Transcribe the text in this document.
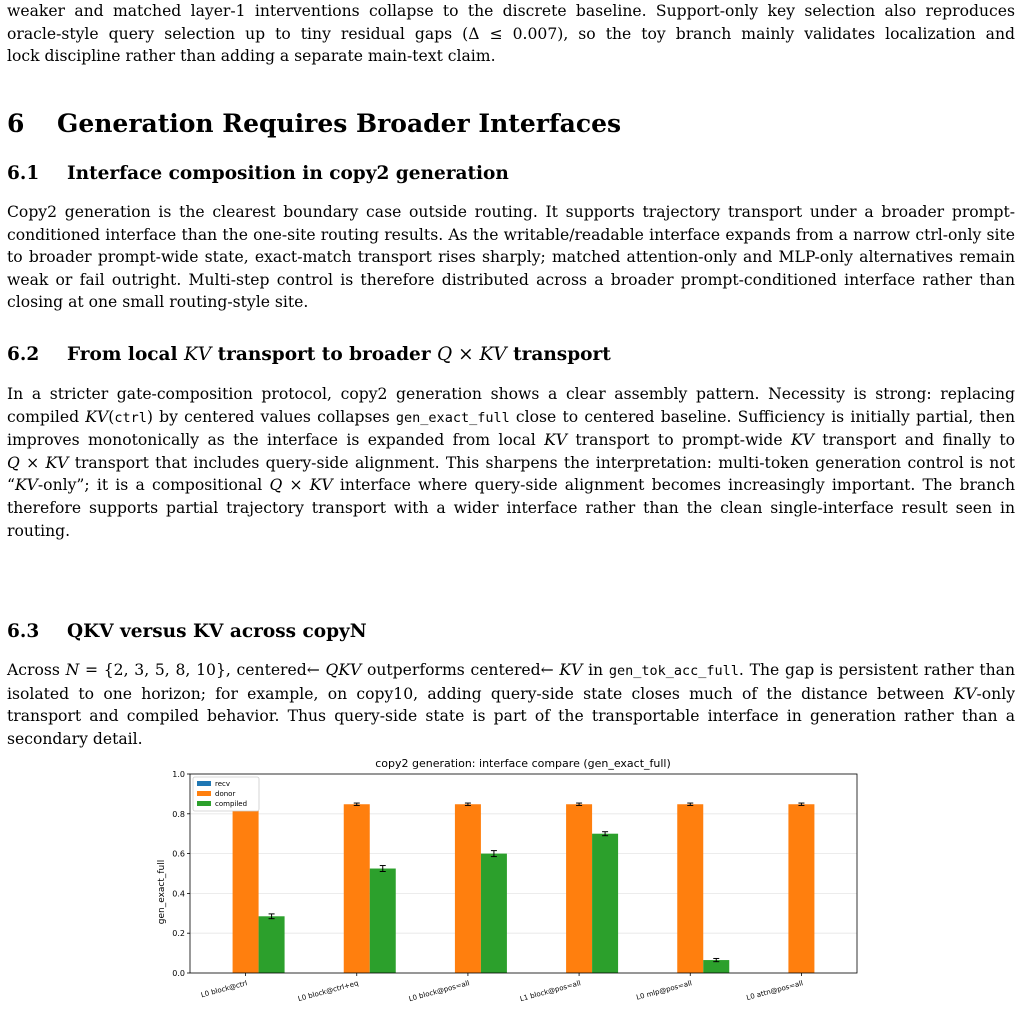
weaker and matched layer-1 interventions collapse to the discrete baseline. Support-only key selection also reproduces

oracle-style query selection up to tiny residual gaps (Δ ≤ 0.007), so the toy branch mainly validates localization and

lock discipline rather than adding a separate main-text claim.

6 Generation Requires Broader Interfaces
6.1 Interface composition in copy2 generation

Copy2 generation is the clearest boundary case outside routing. It supports trajectory transport under a broader prompt-conditioned interface than the one-site routing results. As the writable/readable interface expands from a narrow ctrl-only site to broader prompt-wide state, exact-match transport rises sharply; matched attention-only and MLP-only alternatives remain weak or fail outright. Multi-step control is therefore distributed across a broader prompt-conditioned interface rather than closing at one small routing-style site.

6.2 From local KV transport to broader Q × KV transport

In a stricter gate-composition protocol, copy2 generation shows a clear assembly pattern. Necessity is strong: replacing compiled KV(ctrl) by centered values collapses gen_exact_full close to centered baseline. Sufficiency is initially partial, then improves monotonically as the interface is expanded from local KV transport to prompt-wide KV transport and finally to Q × KV transport that includes query-side alignment. This sharpens the interpretation: multi-token generation control is not “KV-only”; it is a compositional Q × KV interface where query-side alignment becomes increasingly important. The branch therefore supports partial trajectory transport with a wider interface rather than the clean single-interface result seen in routing.

6.3 QKV versus KV across copyN

Across N = {2, 3, 5, 8, 10}, centered← QKV outperforms centered← KV in gen_tok_acc_full. The gap is persistent rather than isolated to one horizon; for example, on copy10, adding query-side state closes much of the distance between KV-only transport and compiled behavior. Thus query-side state is part of the transportable interface in generation rather than a secondary detail.

copy2 generation: interface compare (gen_exact_full)
gen_exact_full
0.0
0.2
0.4
0.6
0.8
1.0
L0 block@ctrl	L0 block@ctrl+eq	L0 block@pos=all	L1 block@pos=all	L0 mlp@pos=all	L0 attn@pos=all
recv
donor
compiled
